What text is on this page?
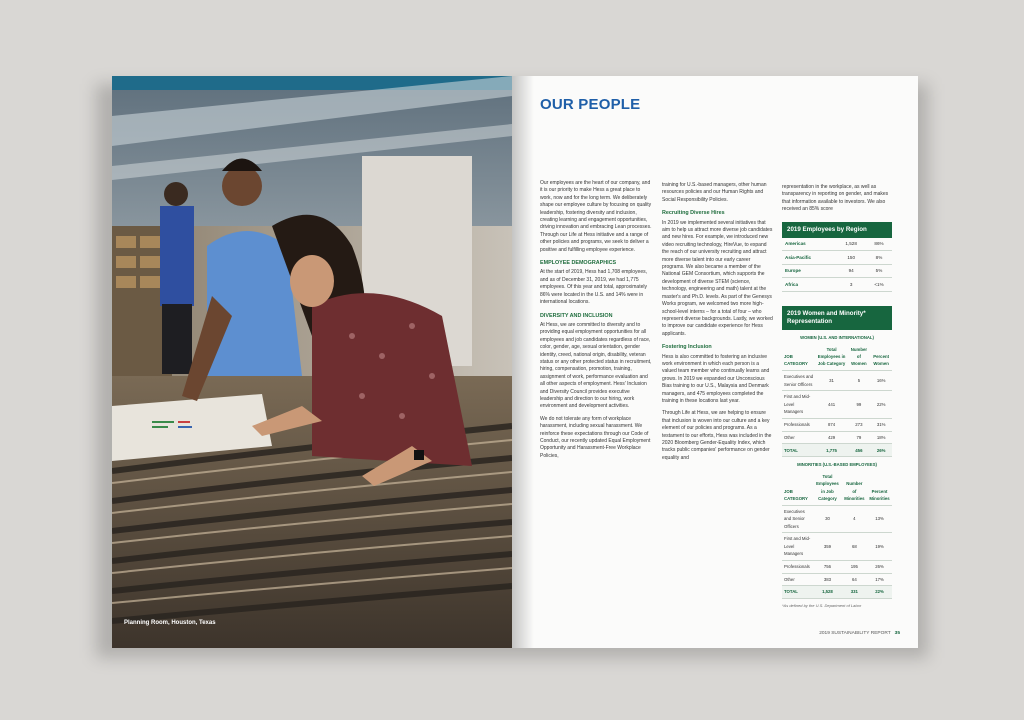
Planning Room, Houston, Texas
OUR PEOPLE

Our employees are the heart of our company, and it is our priority to make Hess a great place to work, now and for the long term. We deliberately shape our employee culture by focusing on quality leadership, fostering diversity and inclusion, creating learning and engagement opportunities, driving innovation and embracing Lean processes. Through our Life at Hess initiative and a range of other policies and programs, we seek to deliver a positive and fulfilling employee experience.

EMPLOYEE DEMOGRAPHICS

At the start of 2019, Hess had 1,708 employees, and as of December 31, 2019, we had 1,775 employees. Of this year and total, approximately 86% were located in the U.S. and 14% were in international locations.

DIVERSITY AND INCLUSION

At Hess, we are committed to diversity and to providing equal employment opportunities for all employees and job candidates regardless of race, color, gender, age, sexual orientation, gender identity, creed, national origin, disability, veteran status or any other protected status in recruitment, hiring, compensation, promotion, training, assignment of work, performance evaluation and all other aspects of employment. Hess' Inclusion and Diversity Council provides executive leadership and direction to our hiring, work environment and development activities.

We do not tolerate any form of workplace harassment, including sexual harassment. We reinforce these expectations through our Code of Conduct, our recently updated Equal Employment Opportunity and Harassment-Free Workplace Policies,

training for U.S.-based managers, other human resources policies and our Human Rights and Social Responsibility Policies.

Recruiting Diverse Hires

In 2019 we implemented several initiatives that aim to help us attract more diverse job candidates and new hires. For example, we introduced new video recruiting technology, HireVue, to expand the reach of our university recruiting and attract more diverse talent into our early career programs. We also became a member of the National GEM Consortium, which supports the development of diverse STEM (science, technology, engineering and math) talent at the master's and Ph.D. levels. As part of the Genesys Works program, we welcomed two more high-school-level interns – for a total of four – who represent diverse backgrounds. Lastly, we worked to improve our candidate experience for Hess applicants.

Fostering Inclusion

Hess is also committed to fostering an inclusive work environment in which each person is a valued team member who continually learns and grows. In 2019 we expanded our Unconscious Bias training to our U.S., Malaysia and Denmark managers, and 475 employees completed the training in these locations last year.

Through Life at Hess, we are helping to ensure that inclusion is woven into our culture and a key element of our policies and programs. As a testament to our efforts, Hess was included in the 2020 Bloomberg Gender-Equality Index, which tracks public companies' performance on gender equality and

representation in the workplace, as well as transparency in reporting on gender, and makes that information available to investors. We also received an 85% score

2019 Employees by Region
Americas	1,528	86%
Asia-Pacific	150	8%
Europe	94	5%
Africa	3	<1%
2019 Women and Minority* Representation
WOMEN (U.S. AND INTERNATIONAL)
JOB CATEGORY	Total Employees in Job Category	Number of Women	Percent Women
Executives and Senior Officers	31	5	16%
First and Mid-Level Managers	441	99	22%
Professionals	874	273	31%
Other	429	79	18%
TOTAL	1,775	456	26%
MINORITIES (U.S.-BASED EMPLOYEES)
JOB CATEGORY	Total Employees in Job Category	Number of Minorities	Percent Minorities
Executives and Senior Officers	30	4	13%
First and Mid-Level Managers	359	68	19%
Professionals	756	195	26%
Other	383	64	17%
TOTAL	1,528	331	22%
*As defined by the U.S. Department of Labor
2019 SUSTAINABILITY REPORT 35
